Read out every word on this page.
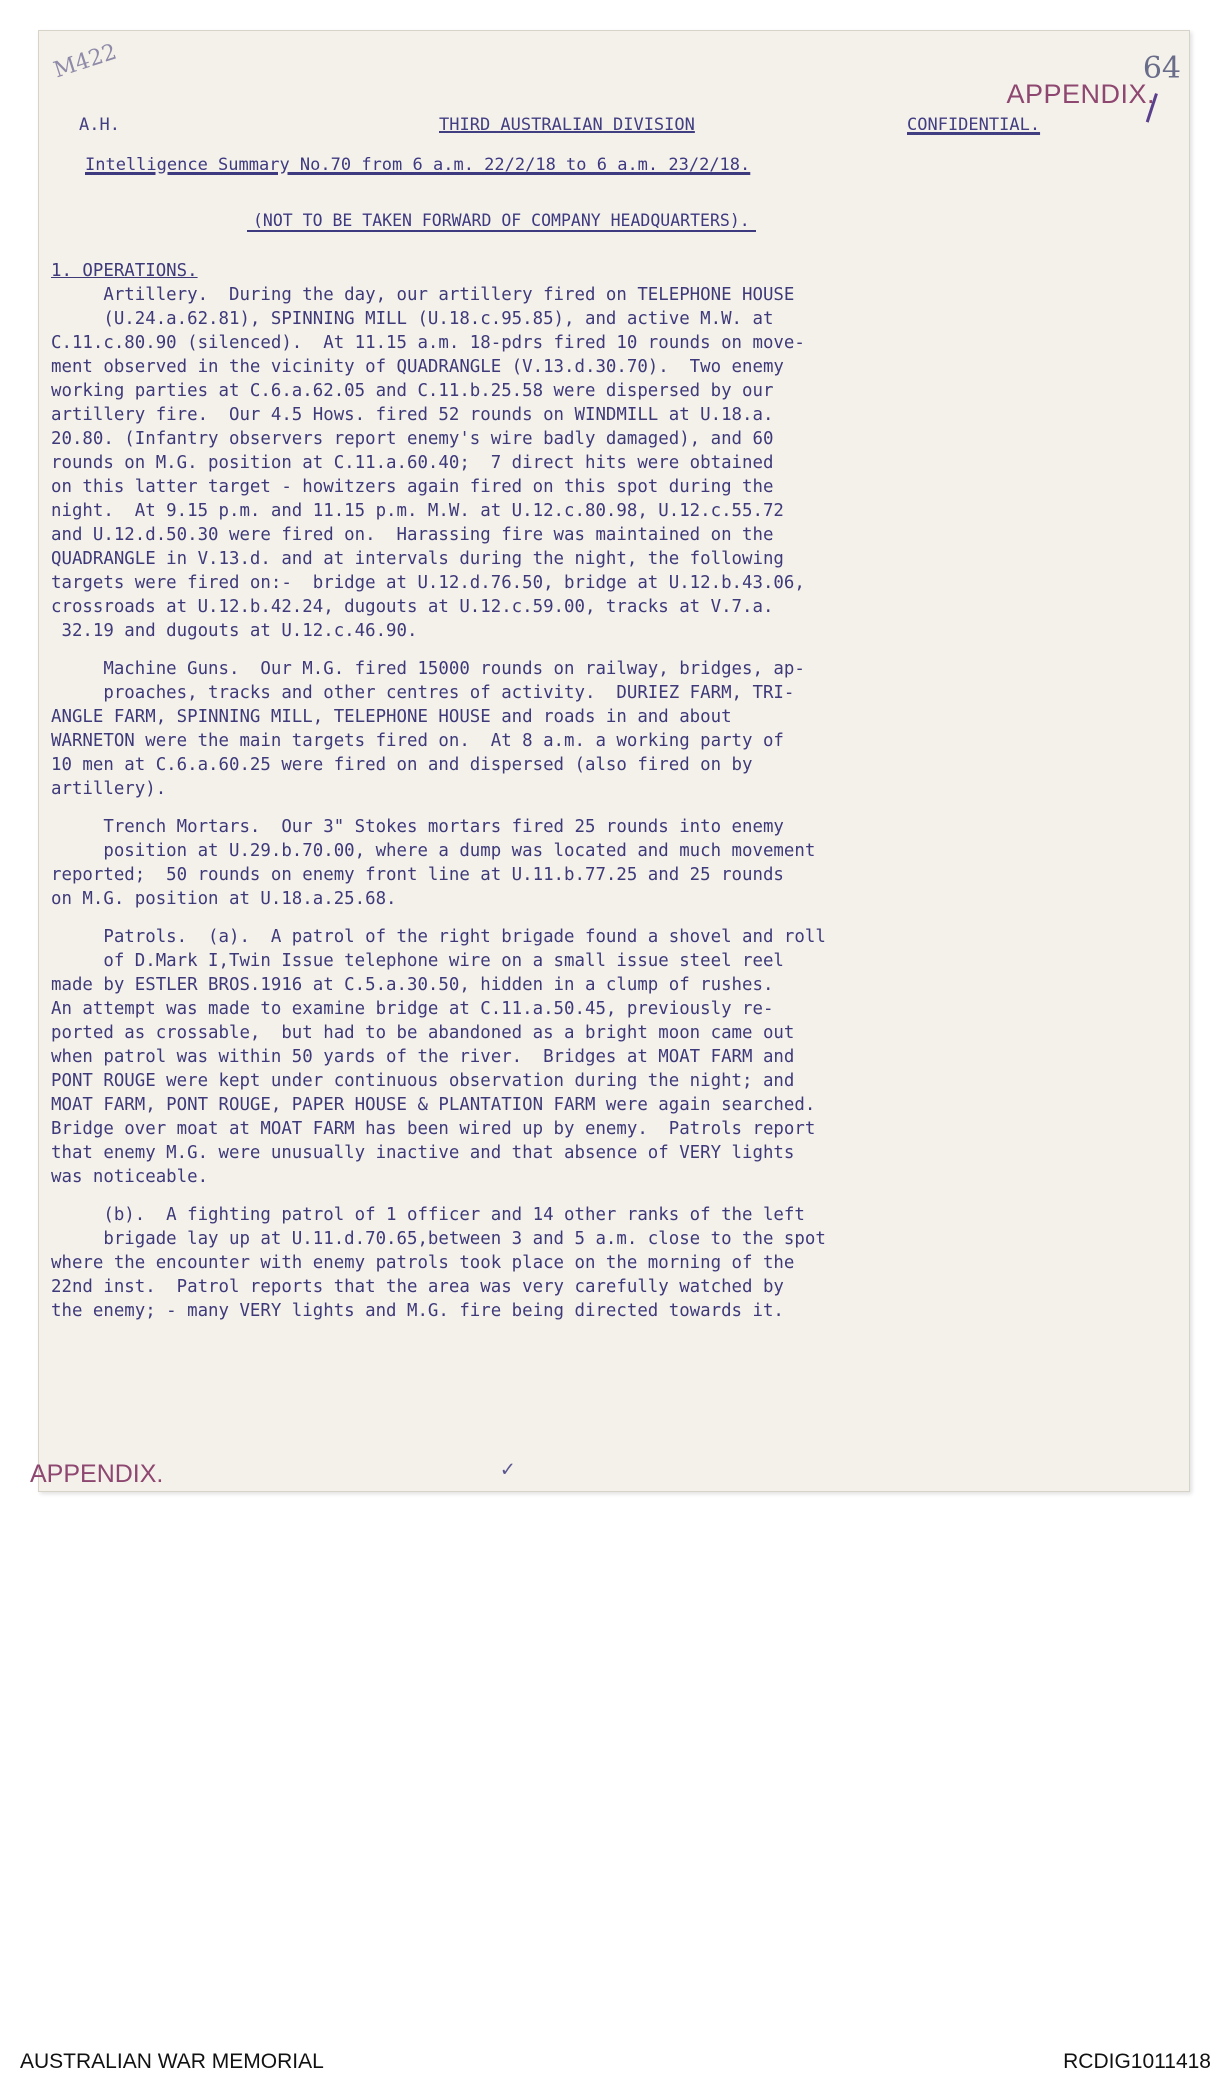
M422	64
APPENDIX.
A.H.	THIRD AUSTRALIAN DIVISION	CONFIDENTIAL.
Intelligence Summary No.70 from 6 a.m. 22/2/18 to 6 a.m. 23/2/18.
(NOT TO BE TAKEN FORWARD OF COMPANY HEADQUARTERS).
1. OPERATIONS.
Artillery.  During the day, our artillery fired on TELEPHONE HOUSE
(U.24.a.62.81), SPINNING MILL (U.18.c.95.85), and active M.W. at
C.11.c.80.90 (silenced).  At 11.15 a.m. 18-pdrs fired 10 rounds on move-
ment observed in the vicinity of QUADRANGLE (V.13.d.30.70).  Two enemy
working parties at C.6.a.62.05 and C.11.b.25.58 were dispersed by our
artillery fire.  Our 4.5 Hows. fired 52 rounds on WINDMILL at U.18.a.
20.80. (Infantry observers report enemy's wire badly damaged), and 60
rounds on M.G. position at C.11.a.60.40;  7 direct hits were obtained
on this latter target - howitzers again fired on this spot during the
night.  At 9.15 p.m. and 11.15 p.m. M.W. at U.12.c.80.98, U.12.c.55.72
and U.12.d.50.30 were fired on.  Harassing fire was maintained on the
QUADRANGLE in V.13.d. and at intervals during the night, the following
targets were fired on:-  bridge at U.12.d.76.50, bridge at U.12.b.43.06,
crossroads at U.12.b.42.24, dugouts at U.12.c.59.00, tracks at V.7.a.
32.19 and dugouts at U.12.c.46.90.
Machine Guns.  Our M.G. fired 15000 rounds on railway, bridges, ap-
proaches, tracks and other centres of activity.  DURIEZ FARM, TRI-
ANGLE FARM, SPINNING MILL, TELEPHONE HOUSE and roads in and about
WARNETON were the main targets fired on.  At 8 a.m. a working party of
10 men at C.6.a.60.25 were fired on and dispersed (also fired on by
artillery).
Trench Mortars.  Our 3" Stokes mortars fired 25 rounds into enemy
position at U.29.b.70.00, where a dump was located and much movement
reported;  50 rounds on enemy front line at U.11.b.77.25 and 25 rounds
on M.G. position at U.18.a.25.68.
Patrols.  (a).  A patrol of the right brigade found a shovel and roll
of D.Mark I,Twin Issue telephone wire on a small issue steel reel
made by ESTLER BROS.1916 at C.5.a.30.50, hidden in a clump of rushes.
An attempt was made to examine bridge at C.11.a.50.45, previously re-
ported as crossable,  but had to be abandoned as a bright moon came out
when patrol was within 50 yards of the river.  Bridges at MOAT FARM and
PONT ROUGE were kept under continuous observation during the night; and
MOAT FARM, PONT ROUGE, PAPER HOUSE & PLANTATION FARM were again searched.
Bridge over moat at MOAT FARM has been wired up by enemy.  Patrols report
that enemy M.G. were unusually inactive and that absence of VERY lights
was noticeable.
(b).  A fighting patrol of 1 officer and 14 other ranks of the left
brigade lay up at U.11.d.70.65,between 3 and 5 a.m. close to the spot
where the encounter with enemy patrols took place on the morning of the
22nd inst.  Patrol reports that the area was very carefully watched by
the enemy; - many VERY lights and M.G. fire being directed towards it.
✓
APPENDIX.
AUSTRALIAN WAR MEMORIAL	RCDIG1011418
